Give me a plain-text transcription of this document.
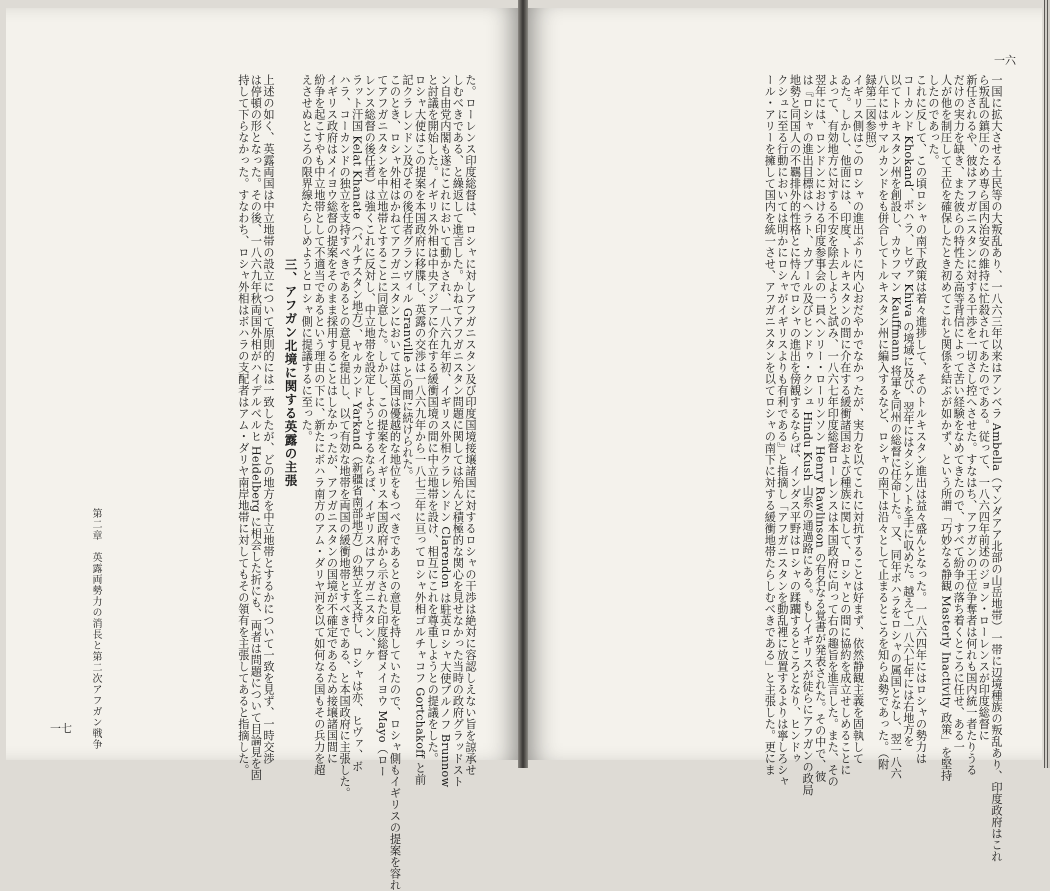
た。ローレンス印度総督は、ロシャに対しアフガニスタン及び印度国境接壌諸国に対するロシャの干渉は絶対に容認しえない旨を諒承せ
しむべきである、と繰返して進言した。かねてアフガニスタン問題に関しては殆んど積極的な関心を見せなかった当時の政府グラッドスト
ン自由党内閣も遂にこれにおいて動かされ、一八六九年初、イギリス外相クラレンドン Clarendon は駐英ロシャ大使ブルノフ Brunnow
と討議を開始した。イギリス外相は中央アジアに介在する緩衝国境の間に中立地帯を設け、相互にこれを尊重しようとの提議をした。
ロシャ大使はこの提案を本国政府に移牒し、英露の交渉は一八六九年から一八七三年に亘ってロシャ外相ゴルチャコフ Gortchakoff と前
記クラレンドン及びその後任者グランヴィル Granville との間に続けられた。
このとき、ロシャ外相はかねてアフガニスタンにおいては英国は優越的な地位をもつべきであるとの意見を持していたので、ロシャ側もイギリスの提案を容れ
てアフガニスタンを中立地帯とすることに同意した。しかし、この提案をイギリス本国政府から示された印度総督メイヨウ Mayo（ロー
レンス総督の後任者）は強くこれに反対し、中立地帯を設定しようとするならば、イギリスはアフガニスタン、ケ
ラット汗国 Kelat Khanate（バルチスタン地方）、ヤルカンド Yarkand（新疆省南部地方）の独立を支持し、ロシャは亦、ヒヴァ、ボ
ハラ、コーカンドの独立を支持すべきであるとの意見を提出し、以て有効な地帯を両国の緩衝地帯とすべきである、と本国政府に主張した。
イギリス政府はメイヨウ総督の提案をそのまま採用することはしなかったが、アフガニスタンの国境が不確定であるため接壌諸国間に
紛争を起こすやも中立地帯として不適当であるという理由の下に、新たにボハラ南方のアム・ダリヤ河を以て如何なる国もその兵力を超
えさせぬところの限界線たらしめようとロシャ側に提議するに至った。
三、アフガン北境に関する英露の主張
上述の如く、英露両国は中立地帯の設立について原則的には一致したが、どの地方を中立地帯とするかについて一致を見ず、一時交渉
は停頓の形となった。その後、一八六九年秋両国外相がハイデルベルヒ Heidelberg に相会した折にも、両者は問題について目論見を固
持して下らなかった。すなわち、ロシャ外相はボハラの支配者はアム・ダリヤ南岸地帯に対してもその領有を主張してあると指摘した。
第二章　英露両勢力の消長と第二次アフガン戦争
一七
一六
一国に拡大させる土民等の大叛乱あり、一八六三年以来はアンベラ Ambella（マンダアア北部の山岳地帯）一帯に辺境種族の叛乱あり、印度政府はこれ
ら叛乱の鎮圧のため専ら国内治安の維持に忙殺されてあたのである。従って、一八六四年前述のジョン・ローレンスが印度総督に
新任されるや、彼はアフガニスタンに対する干渉を一切さし控へさせた。すなはち、アフガンの王位争奪者は何れも国内統一者たりうる
だけの実力を缺き、また彼らの特性たる高等背信によって苦い経験をなめてきたので、すべて紛争の落ち着くところに任せ、ある一
人が他を制圧して王位を確保したとき初めてこれと関係を結ぶが如かず、という所謂「巧妙なる静観 Masterly Inactivity 政策」を堅持
したのであった。
これに反して、この頃ロシャの南下政策は着々進捗して、そのトルキスタン進出は益々盛んとなった。一八六四年にはロシャの勢力は
コーカンド Khokand、ボハラ、ヒヴァ Khiva の境域に及び、翌年にはタシケントを手に収めた。越えて一八六七年には右地方を
以てトルキスタン州を創設し、カウフマン Kauffmann 将軍を同州の総督に任命した。又、同年ボハラをロシャの属国となし、翌一八六
八年にはサマルカンドをも併合してトルキスタン州に編入するなど、ロシャの南下は沿々として止まるところを知らぬ勢であった。（附
録第二図参照）
イギリス側はこのロシャの進出ぶりに内心おだやかでなかったが、実力を以てこれに対抗することは好まず、依然静観主義を固執して
ゐた。しかし、他面には、印度、トルキスタンの間に介在する緩衝諸国および種族に関して、ロシャとの間に協約を成立せしめることに
よって、有効地方に対する不安を除去しようと試み、一八六七年印度総督ローレンスは本国政府に向って右の趣旨を進言した。また、その
翌年には、ロンドンにおける印度参事会の一員ヘンリー・ローリンソン Henry Rawlinson の有名なる覚書が発表された。その中で、彼
は『ロシャの進出目標はヘラト、カブール及びヒンドゥ・クシュ Hindu Kush 山系の通過路にある。もしイギリスが徒らにアフガンの政局
地勢と同国人の不羈排外的性格とに恃んでロシャの進出を傍観するならば、インダス平野はロシャの蹂躙するところとなり、ヒンドゥ
クシュに至る行動においては明かにロシャがイギリスよりも有利である』と指摘し「アフガニスタンを動乱裡に放置するよりは寧しろシャ
ール・アリーを擁して国内を統一させ、アフガニスタンを以てロシャの南下に対する緩衝地帯たらしむべきである」と主張した。更にま
